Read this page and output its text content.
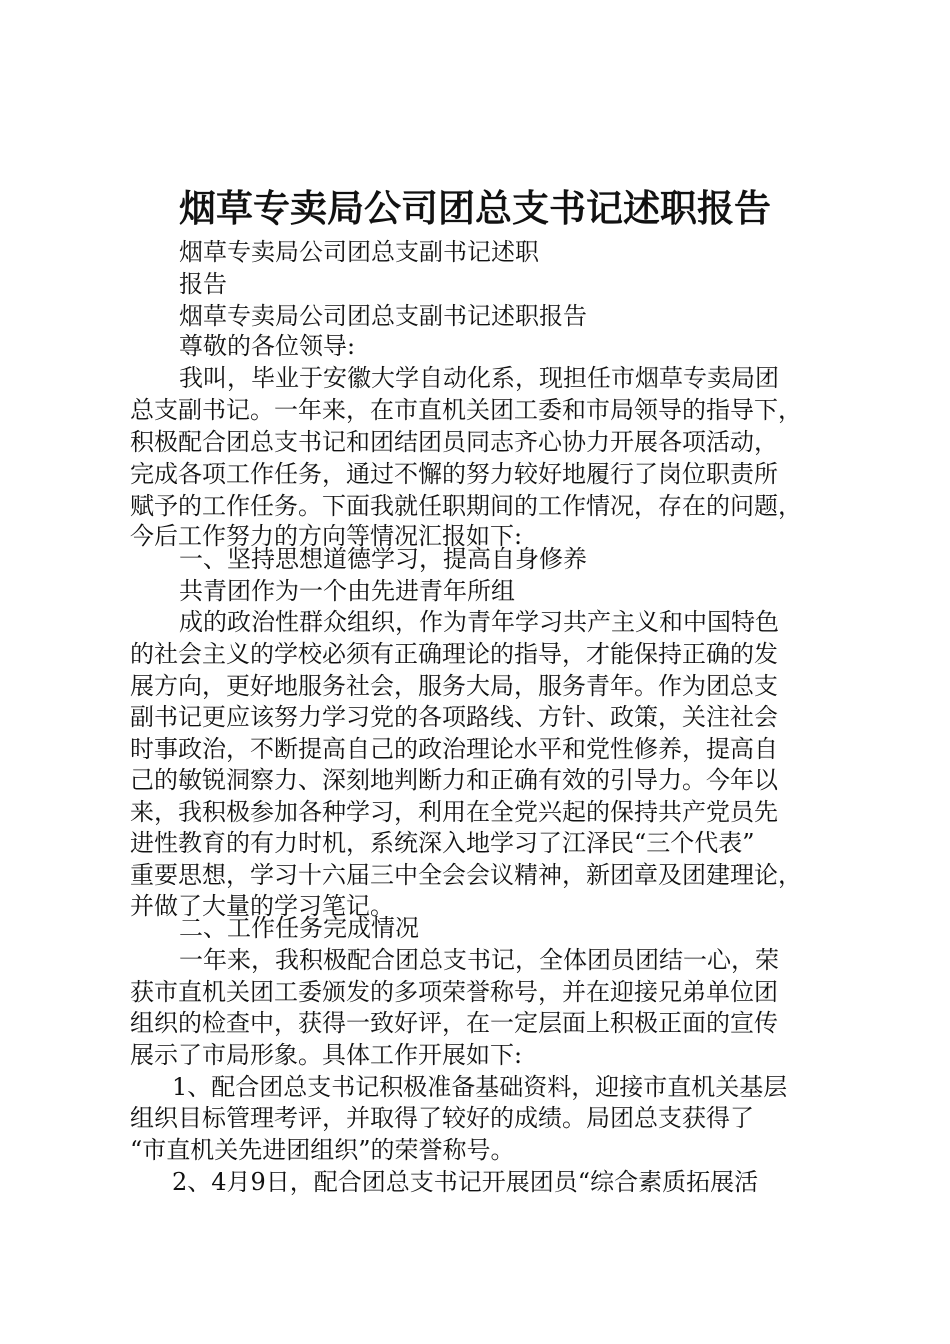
烟草专卖局公司团总支书记述职报告
烟草专卖局公司团总支副书记述职
报告
烟草专卖局公司团总支副书记述职报告
尊敬的各位领导:
我叫，毕业于安徽大学自动化系，现担任市烟草专卖局团
总支副书记。一年来，在市直机关团工委和市局领导的指导下，
积极配合团总支书记和团结团员同志齐心协力开展各项活动，
完成各项工作任务，通过不懈的努力较好地履行了岗位职责所
赋予的工作任务。下面我就任职期间的工作情况，存在的问题，
今后工作努力的方向等情况汇报如下:
一、坚持思想道德学习，提高自身修养
共青团作为一个由先进青年所组
成的政治性群众组织，作为青年学习共产主义和中国特色
的社会主义的学校必须有正确理论的指导，才能保持正确的发
展方向，更好地服务社会，服务大局，服务青年。作为团总支
副书记更应该努力学习党的各项路线、方针、政策，关注社会
时事政治，不断提高自己的政治理论水平和党性修养，提高自
己的敏锐洞察力、深刻地判断力和正确有效的引导力。今年以
来，我积极参加各种学习，利用在全党兴起的保持共产党员先
进性教育的有力时机，系统深入地学习了江泽民“三个代表”
重要思想，学习十六届三中全会会议精神，新团章及团建理论，
并做了大量的学习笔记。
二、工作任务完成情况
一年来，我积极配合团总支书记，全体团员团结一心，荣
获市直机关团工委颁发的多项荣誉称号，并在迎接兄弟单位团
组织的检查中，获得一致好评，在一定层面上积极正面的宣传
展示了市局形象。具体工作开展如下:
1、配合团总支书记积极准备基础资料，迎接市直机关基层
组织目标管理考评，并取得了较好的成绩。局团总支获得了
“市直机关先进团组织”的荣誉称号。
2、4月9日，配合团总支书记开展团员“综合素质拓展活
